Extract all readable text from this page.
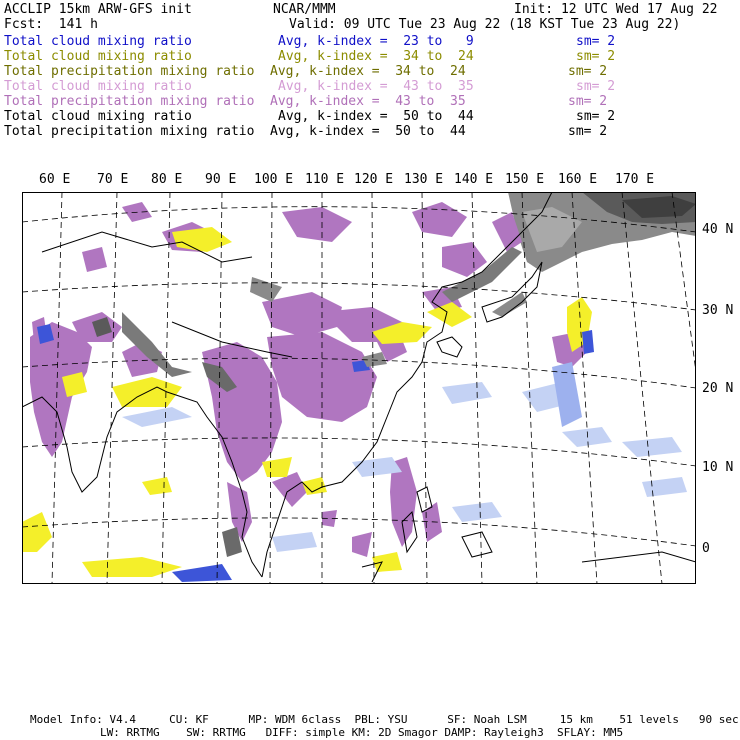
ACCLIP 15km ARW-GFS init	NCAR/MMM	Init: 12 UTC Wed 17 Aug 22
Fcst:  141 h	Valid: 09 UTC Tue 23 Aug 22 (18 KST Tue 23 Aug 22)
Total cloud mixing ratio	Avg, k-index =  23 to   9	sm= 2
Total cloud mixing ratio	Avg, k-index =  34 to  24	sm= 2
Total precipitation mixing ratio Avg, k-index =  34 to  24	sm= 2
Total cloud mixing ratio	Avg, k-index =  43 to  35	sm= 2
Total precipitation mixing ratio Avg, k-index =  43 to  35	sm= 2
Total cloud mixing ratio	Avg, k-index =  50 to  44	sm= 2
Total precipitation mixing ratio Avg, k-index =  50 to  44	sm= 2
60 E 70 E 80 E 90 E 100 E 110 E 120 E 130 E 140 E 150 E 160 E 170 E
40 N
30 N
20 N
10 N
0
Model Info: V4.4     CU: KF      MP: WDM 6class  PBL: YSU      SF: Noah LSM     15 km    51 levels   90 sec
LW: RRTMG    SW: RRTMG   DIFF: simple KM: 2D Smagor DAMP: Rayleigh3  SFLAY: MM5
